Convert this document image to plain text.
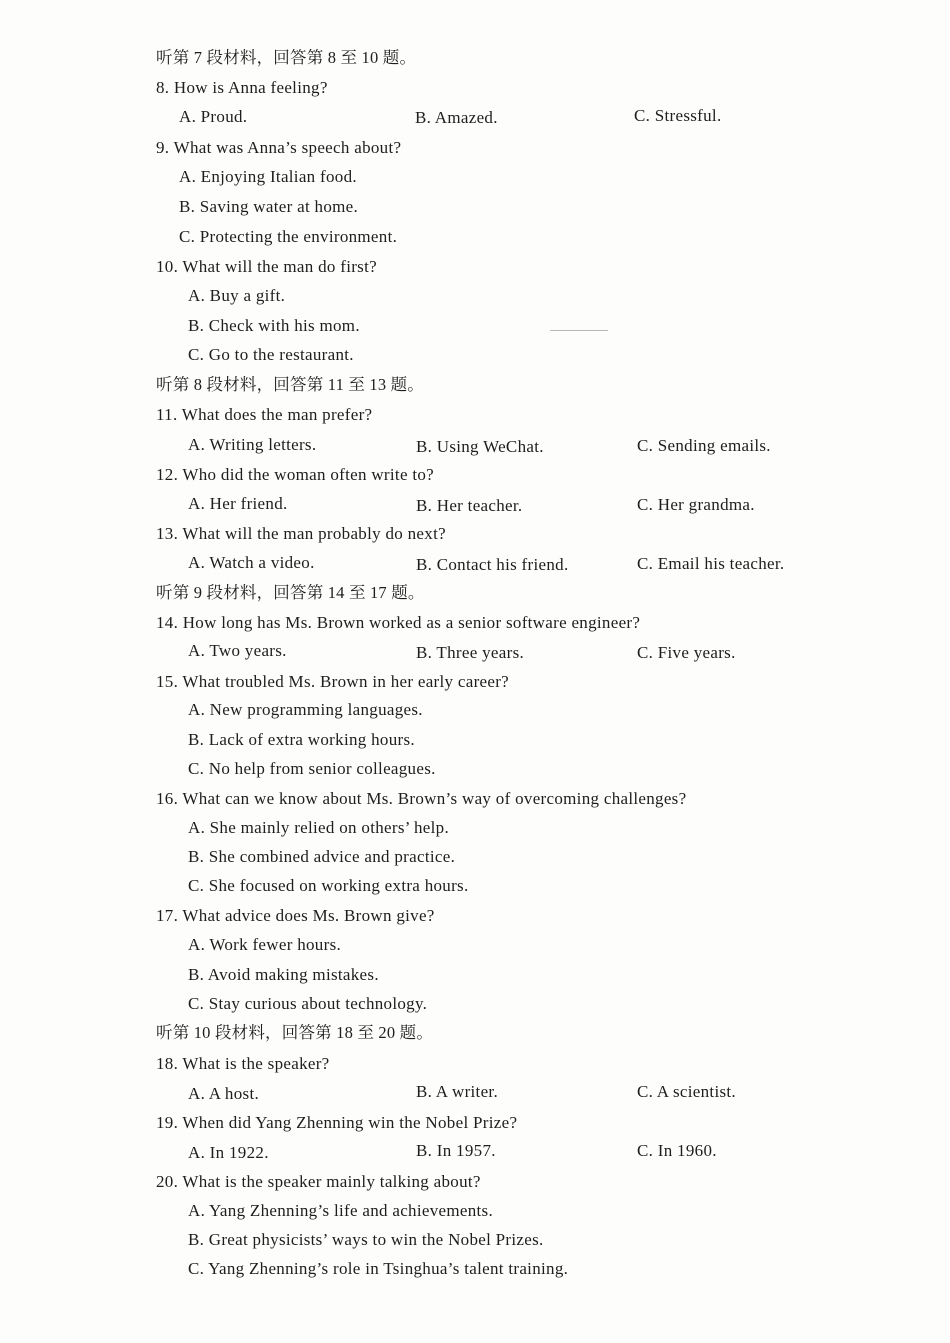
听第 7 段材料，回答第 8 至 10 题。
8. How is Anna feeling?
A. Proud.	B. Amazed.	C. Stressful.
9. What was Anna’s speech about?
A. Enjoying Italian food.
B. Saving water at home.
C. Protecting the environment.
10. What will the man do first?
A. Buy a gift.
B. Check with his mom.
C. Go to the restaurant.
听第 8 段材料，回答第 11 至 13 题。
11. What does the man prefer?
A. Writing letters.	B. Using WeChat.	C. Sending emails.
12. Who did the woman often write to?
A. Her friend.	B. Her teacher.	C. Her grandma.
13. What will the man probably do next?
A. Watch a video.	B. Contact his friend.	C. Email his teacher.
听第 9 段材料，回答第 14 至 17 题。
14. How long has Ms. Brown worked as a senior software engineer?
A. Two years.	B. Three years.	C. Five years.
15. What troubled Ms. Brown in her early career?
A. New programming languages.
B. Lack of extra working hours.
C. No help from senior colleagues.
16. What can we know about Ms. Brown’s way of overcoming challenges?
A. She mainly relied on others’ help.
B. She combined advice and practice.
C. She focused on working extra hours.
17. What advice does Ms. Brown give?
A. Work fewer hours.
B. Avoid making mistakes.
C. Stay curious about technology.
听第 10 段材料，回答第 18 至 20 题。
18. What is the speaker?
A. A host.	B. A writer.	C. A scientist.
19. When did Yang Zhenning win the Nobel Prize?
A. In 1922.	B. In 1957.	C. In 1960.
20. What is the speaker mainly talking about?
A. Yang Zhenning’s life and achievements.
B. Great physicists’ ways to win the Nobel Prizes.
C. Yang Zhenning’s role in Tsinghua’s talent training.
